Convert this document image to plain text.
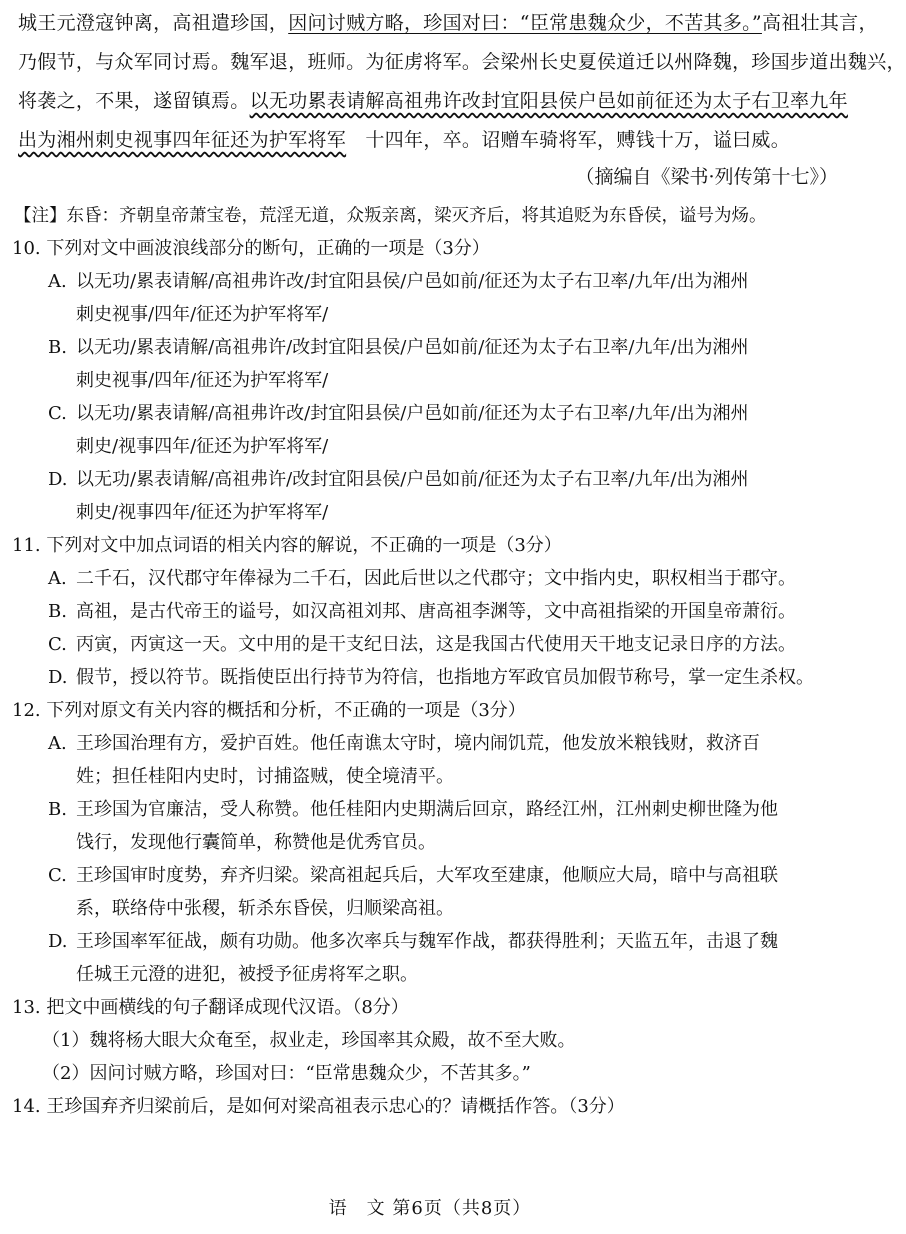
城王元澄寇钟离，高祖遣珍国，因问讨贼方略，珍国对曰：“臣常患魏众少，不苦其多。”高祖壮其言，
乃假节，与众军同讨焉。魏军退，班师。为征虏将军。会梁州长史夏侯道迁以州降魏，珍国步道出魏兴，
将袭之，不果，遂留镇焉。以无功累表请解高祖弗许改封宜阳县侯户邑如前征还为太子右卫率九年
出为湘州刺史视事四年征还为护军将军　 十四年，卒。诏赠车骑将军，赙钱十万，谥曰威。
（摘编自《梁书·列传第十七》）
【注】东昏：齐朝皇帝萧宝卷，荒淫无道，众叛亲离，梁灭齐后，将其追贬为东昏侯，谥号为炀。
10. 下列对文中画波浪线部分的断句，正确的一项是（3分）
A. 以无功/累表请解/高祖弗许改/封宜阳县侯/户邑如前/征还为太子右卫率/九年/出为湘州
刺史视事/四年/征还为护军将军/
B. 以无功/累表请解/高祖弗许/改封宜阳县侯/户邑如前/征还为太子右卫率/九年/出为湘州
刺史视事/四年/征还为护军将军/
C. 以无功/累表请解/高祖弗许改/封宜阳县侯/户邑如前/征还为太子右卫率/九年/出为湘州
刺史/视事四年/征还为护军将军/
D. 以无功/累表请解/高祖弗许/改封宜阳县侯/户邑如前/征还为太子右卫率/九年/出为湘州
刺史/视事四年/征还为护军将军/
11. 下列对文中加点词语的相关内容的解说，不正确的一项是（3分）
A. 二千石，汉代郡守年俸禄为二千石，因此后世以之代郡守；文中指内史，职权相当于郡守。
B. 高祖，是古代帝王的谥号，如汉高祖刘邦、唐高祖李渊等，文中高祖指梁的开国皇帝萧衍。
C. 丙寅，丙寅这一天。文中用的是干支纪日法，这是我国古代使用天干地支记录日序的方法。
D. 假节，授以符节。既指使臣出行持节为符信，也指地方军政官员加假节称号，掌一定生杀权。
12. 下列对原文有关内容的概括和分析，不正确的一项是（3分）
A. 王珍国治理有方，爱护百姓。他任南谯太守时，境内闹饥荒，他发放米粮钱财，救济百
姓；担任桂阳内史时，讨捕盗贼，使全境清平。
B. 王珍国为官廉洁，受人称赞。他任桂阳内史期满后回京，路经江州，江州刺史柳世隆为他
饯行，发现他行囊简单，称赞他是优秀官员。
C. 王珍国审时度势，弃齐归梁。梁高祖起兵后，大军攻至建康，他顺应大局，暗中与高祖联
系，联络侍中张稷，斩杀东昏侯，归顺梁高祖。
D. 王珍国率军征战，颇有功勋。他多次率兵与魏军作战，都获得胜利；天监五年，击退了魏
任城王元澄的进犯，被授予征虏将军之职。
13. 把文中画横线的句子翻译成现代汉语。（8分）
（1）魏将杨大眼大众奄至，叔业走，珍国率其众殿，故不至大败。
（2）因问讨贼方略，珍国对曰：“臣常患魏众少，不苦其多。”
14. 王珍国弃齐归梁前后，是如何对梁高祖表示忠心的？请概括作答。（3分）
语　文 第6页（共8页）
